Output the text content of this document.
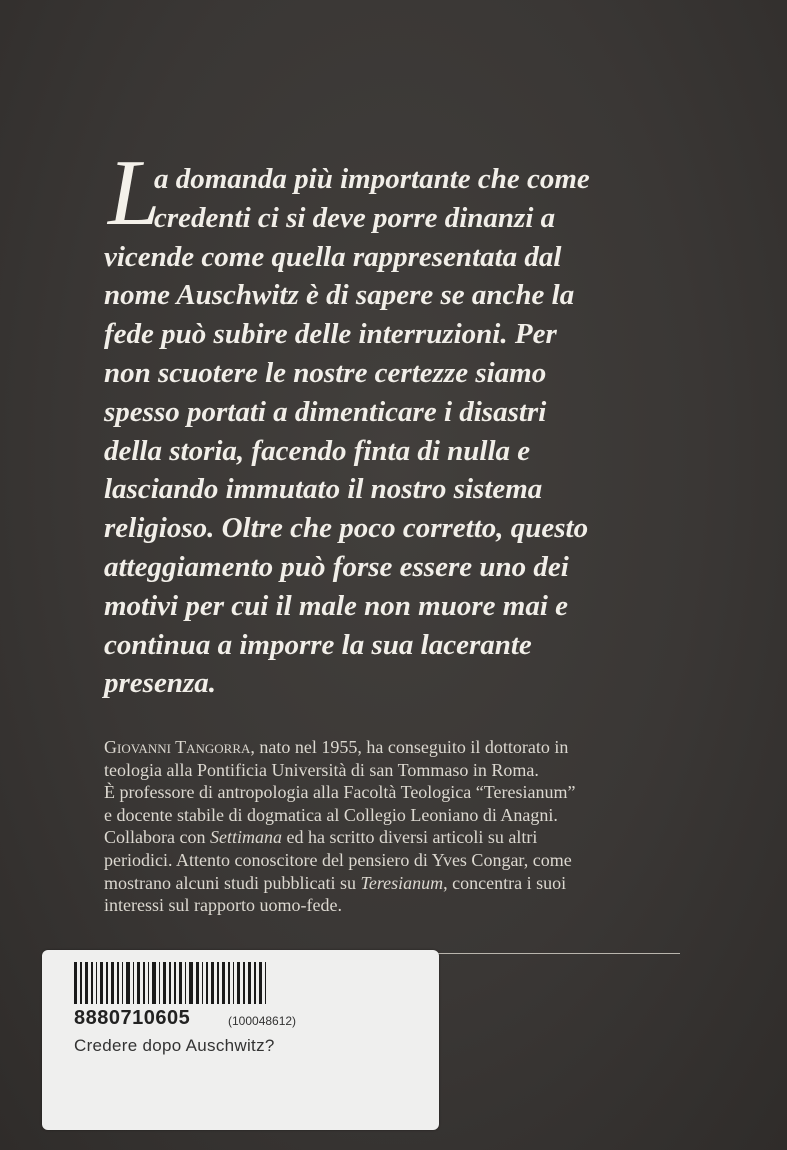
L
a domanda più importante che come
credenti ci si deve porre dinanzi a
vicende come quella rappresentata dal
nome Auschwitz è di sapere se anche la
fede può subire delle interruzioni. Per
non scuotere le nostre certezze siamo
spesso portati a dimenticare i disastri
della storia, facendo finta di nulla e
lasciando immutato il nostro sistema
religioso. Oltre che poco corretto, questo
atteggiamento può forse essere uno dei
motivi per cui il male non muore mai e
continua a imporre la sua lacerante
presenza.
Giovanni Tangorra, nato nel 1955, ha conseguito il dottorato in
teologia alla Pontificia Università di san Tommaso in Roma.
È professore di antropologia alla Facoltà Teologica “Teresianum”
e docente stabile di dogmatica al Collegio Leoniano di Anagni.
Collabora con Settimana ed ha scritto diversi articoli su altri
periodici. Attento conoscitore del pensiero di Yves Congar, come
mostrano alcuni studi pubblicati su Teresianum, concentra i suoi
interessi sul rapporto uomo-fede.
8880710605	(100048612)
Credere dopo Auschwitz?
